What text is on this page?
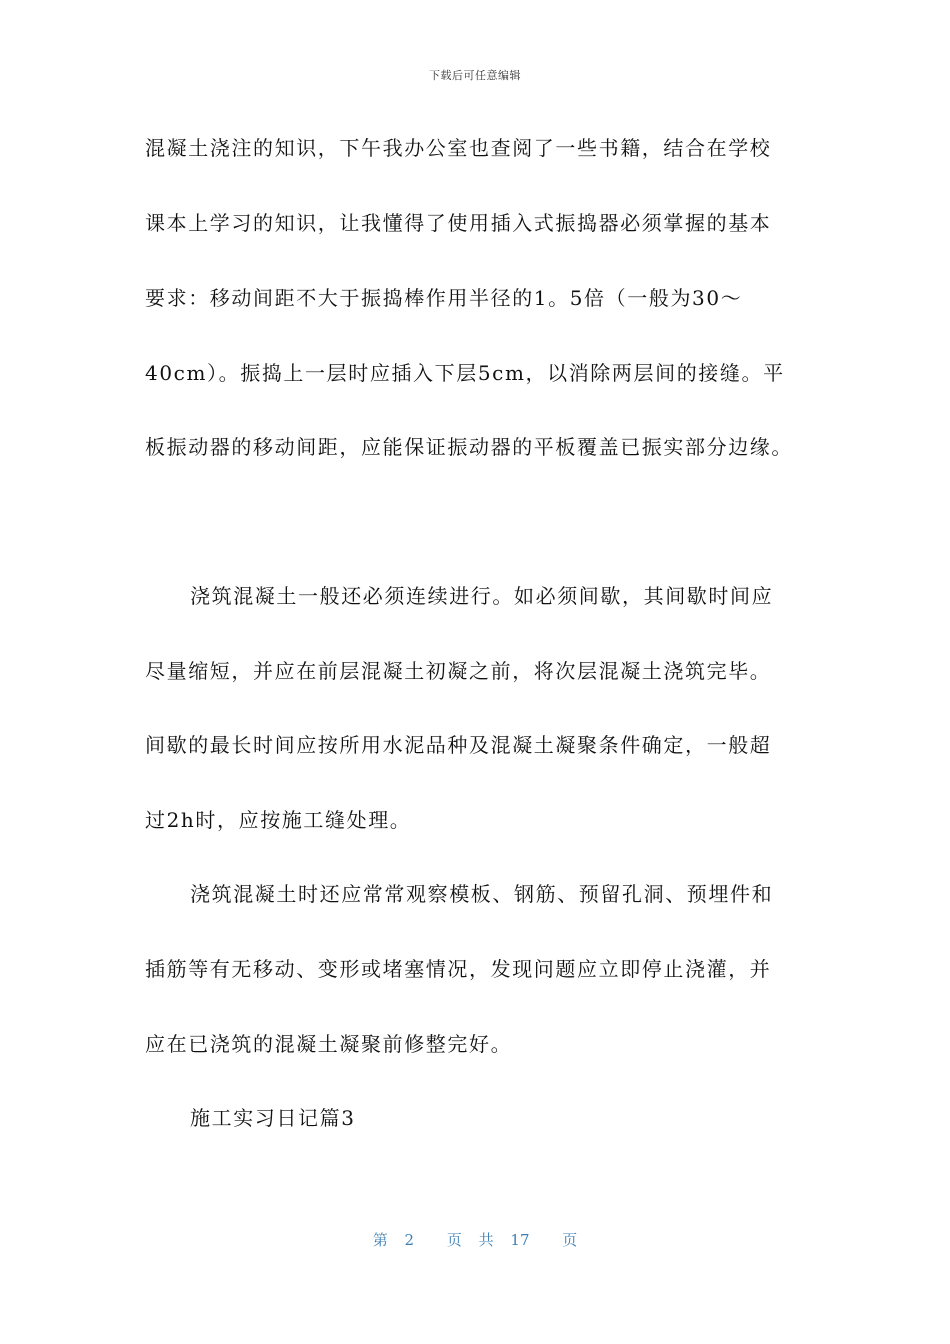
下载后可任意编辑
混凝土浇注的知识，下午我办公室也查阅了一些书籍，结合在学校
课本上学习的知识，让我懂得了使用插入式振捣器必须掌握的基本
要求：移动间距不大于振捣棒作用半径的1。5倍（一般为30～
40cm）。振捣上一层时应插入下层5cm，以消除两层间的接缝。平
板振动器的移动间距，应能保证振动器的平板覆盖已振实部分边缘。
浇筑混凝土一般还必须连续进行。如必须间歇，其间歇时间应
尽量缩短，并应在前层混凝土初凝之前，将次层混凝土浇筑完毕。
间歇的最长时间应按所用水泥品种及混凝土凝聚条件确定，一般超
过2h时，应按施工缝处理。
浇筑混凝土时还应常常观察模板、钢筋、预留孔洞、预埋件和
插筋等有无移动、变形或堵塞情况，发现问题应立即停止浇灌，并
应在已浇筑的混凝土凝聚前修整完好。
施工实习日记篇3
第 2 页 共 17 页
